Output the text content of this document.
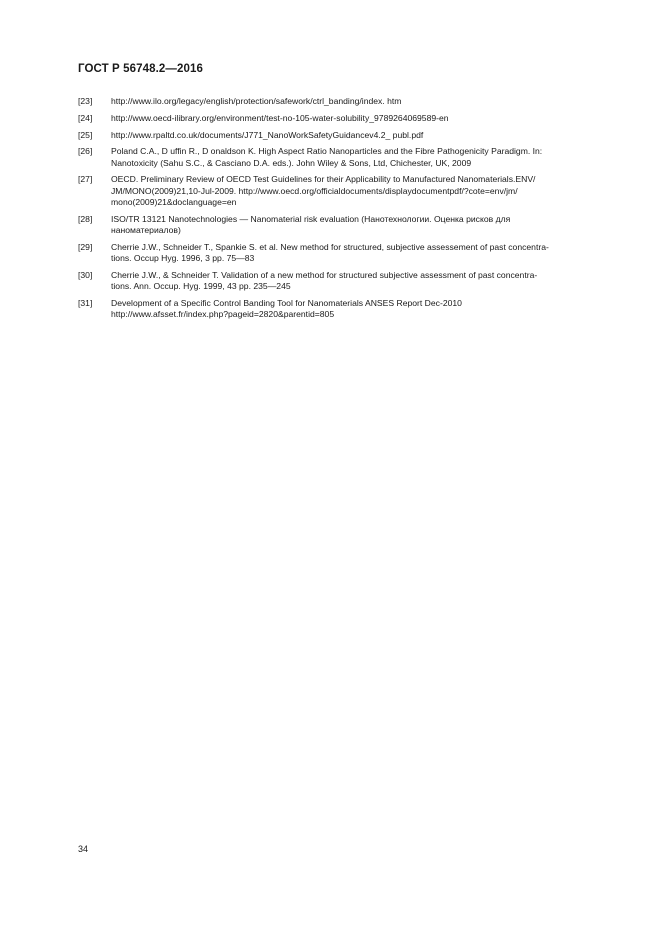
ГОСТ Р 56748.2—2016
[23]	http://www.ilo.org/legacy/english/protection/safework/ctrl_banding/index. htm
[24]	http://www.oecd-ilibrary.org/environment/test-no-105-water-solubility_9789264069589-en
[25]	http://www.rpaltd.co.uk/documents/J771_NanoWorkSafetyGuidancev4.2_ publ.pdf
[26]	Poland C.A., D uffin R., D onaldson K. High Aspect Ratio Nanoparticles and the Fibre Pathogenicity Paradigm. In:
Nanotoxicity (Sahu S.C., & Casciano D.A. eds.). John Wiley & Sons, Ltd, Chichester, UK, 2009
[27]	OECD. Preliminary Review of OECD Test Guidelines for their Applicability to Manufactured Nanomaterials.ENV/
JM/MONO(2009)21,10-Jul-2009. http://www.oecd.org/officialdocuments/displaydocumentpdf/?cote=env/jm/
mono(2009)21&doclanguage=en
[28]	ISO/TR 13121 Nanotechnologies — Nanomaterial risk evaluation (Нанотехнологии. Оценка рисков для
наноматериалов)
[29]	Cherrie J.W., Schneider T., Spankie S. et al. New method for structured, subjective assessement of past concentra-
tions. Occup Hyg. 1996, 3 pp. 75—83
[30]	Cherrie J.W., & Schneider T. Validation of a new method for structured subjective assessment of past concentra-
tions. Ann. Occup. Hyg. 1999, 43 pp. 235—245
[31]	Development of a Specific Control Banding Tool for Nanomaterials ANSES Report Dec-2010
http://www.afsset.fr/index.php?pageid=2820&parentid=805
34
